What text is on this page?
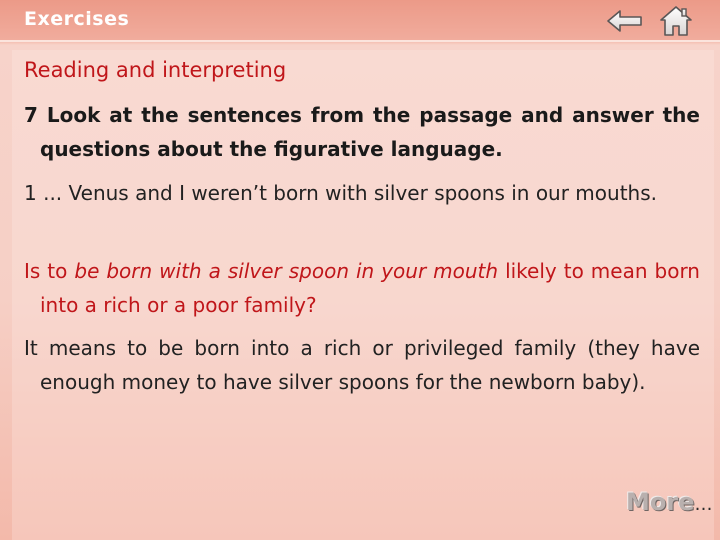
Exercises
Reading and interpreting
7 Look at the sentences from the passage and answer the questions about the figurative language.
1 ... Venus and I weren’t born with silver spoons in our mouths.
Is to be born with a silver spoon in your mouth likely to mean born into a rich or a poor family?
It means to be born into a rich or privileged family (they have enough money to have silver spoons for the newborn baby).
More…
